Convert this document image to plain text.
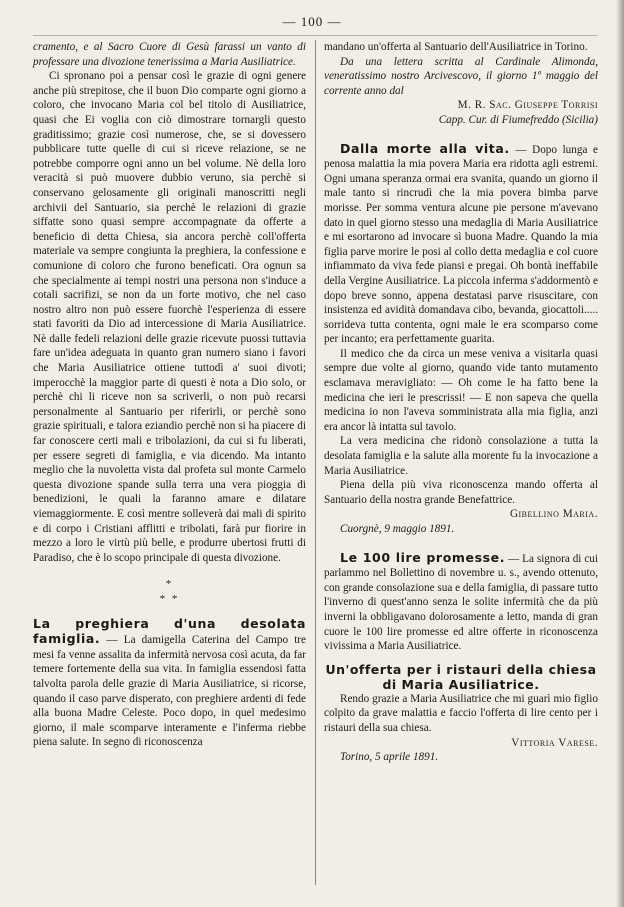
— 100 —

cramento, e al Sacro Cuore di Gesù farassi un vanto di professare una divozione tenerissima a Maria Ausiliatrice.

Ci spronano poi a pensar così le grazie di ogni genere anche più strepitose, che il buon Dio comparte ogni giorno a coloro, che invocano Maria col bel titolo di Ausiliatrice, quasi che Ei voglia con ciò dimostrare tornargli questo graditissimo; grazie così numerose, che, se si dovessero pubblicare tutte quelle di cui si riceve relazione, se ne potrebbe comporre ogni anno un bel volume. Nè della loro veracità si può muovere dubbio veruno, sia perchè si conservano gelosamente gli originali manoscritti negli archivii del Santuario, sia perchè le relazioni di grazie siffatte sono quasi sempre accompagnate da offerte a beneficio di detta Chiesa, sia ancora perchè coll'offerta materiale va sempre congiunta la preghiera, la confessione e comunione di coloro che furono beneficati. Ora ognun sa che specialmente ai tempi nostri una persona non s'induce a cotali sacrifizi, se non da un forte motivo, che nel caso nostro altro non può essere fuorchè l'esperienza di essere stati favoriti da Dio ad intercessione di Maria Ausiliatrice. Nè dalle fedeli relazioni delle grazie ricevute puossi tuttavia fare un'idea adeguata in quanto gran numero siano i favori che Maria Ausiliatrice ottiene tuttodì a' suoi divoti; imperocchè la maggior parte di questi è nota a Dio solo, or perchè chi li riceve non sa scriverli, o non può recarsi personalmente al Santuario per riferirli, or perchè sono grazie spirituali, e talora eziandio perchè non si ha piacere di far conoscere certi mali e tribolazioni, da cui si fu liberati, per essere segreti di famiglia, e via dicendo. Ma intanto meglio che la nuvoletta vista dal profeta sul monte Carmelo questa divozione spande sulla terra una vera pioggia di benedizioni, le quali la faranno amare e dilatare viemaggiormente. E così mentre solleverà dai mali di spirito e di corpo i Cristiani afflitti e tribolati, farà pur fiorire in mezzo a loro le virtù più belle, e produrre ubertosi frutti di Paradiso, che è lo scopo principale di questa divozione.

*
* *

La preghiera d'una desolata famiglia. — La damigella Caterina del Campo tre mesi fa venne assalita da infermità nervosa così acuta, da far temere fortemente della sua vita. In famiglia essendosi fatta talvolta parola delle grazie di Maria Ausiliatrice, si ricorse, quando il caso parve disperato, con preghiere ardenti di fede alla buona Madre Celeste. Poco dopo, in quel medesimo giorno, il male scomparve interamente e l'inferma riebbe piena salute. In segno di riconoscenza

mandano un'offerta al Santuario dell'Ausiliatrice in Torino.

Da una lettera scritta al Cardinale Alimonda, veneratissimo nostro Arcivescovo, il giorno 1º maggio del corrente anno dal

M. R. Sac. Giuseppe Torrisi
Capp. Cur. di Fiumefreddo (Sicilia)

Dalla morte alla vita. — Dopo lunga e penosa malattia la mia povera Maria era ridotta agli estremi. Ogni umana speranza ormai era svanita, quando un giorno il male tanto si rincrudì che la mia povera bimba parve morisse. Per somma ventura alcune pie persone m'avevano dato in quel giorno stesso una medaglia di Maria Ausiliatrice e mi esortarono ad invocare sì buona Madre. Quando la mia figlia parve morire le posi al collo detta medaglia e col cuore infiammato da viva fede piansi e pregai. Oh bontà ineffabile della Vergine Ausiliatrice. La piccola inferma s'addormentò e dopo breve sonno, appena destatasi parve risuscitare, con insistenza ed avidità domandava cibo, bevanda, giocattoli..... sorrideva tutta contenta, ogni male le era scomparso come per incanto; era perfettamente guarita.

Il medico che da circa un mese veniva a visitarla quasi sempre due volte al giorno, quando vide tanto mutamento esclamava meravigliato: — Oh come le ha fatto bene la medicina che ieri le prescrissi! — E non sapeva che quella medicina io non l'aveva somministrata alla mia figlia, anzi era ancor là intatta sul tavolo.

La vera medicina che ridonò consolazione a tutta la desolata famiglia e la salute alla morente fu la invocazione a Maria Ausiliatrice.

Piena della più viva riconoscenza mando offerta al Santuario della nostra grande Benefattrice.

Gibellino Maria.
Cuorgnè, 9 maggio 1891.

Le 100 lire promesse. — La signora di cui parlammo nel Bollettino di novembre u. s., avendo ottenuto, con grande consolazione sua e della famiglia, di passare tutto l'inverno di quest'anno senza le solite infermità che da più inverni la obbligavano dolorosamente a letto, manda di gran cuore le 100 lire promesse ed altre offerte in riconoscenza vivissima a Maria Ausiliatrice.

Un'offerta per i ristauri della chiesa di Maria Ausiliatrice.

Rendo grazie a Maria Ausiliatrice che mi guarì mio figlio colpito da grave malattia e faccio l'offerta di lire cento per i ristauri della sua chiesa.

Vittoria Varese.
Torino, 5 aprile 1891.
